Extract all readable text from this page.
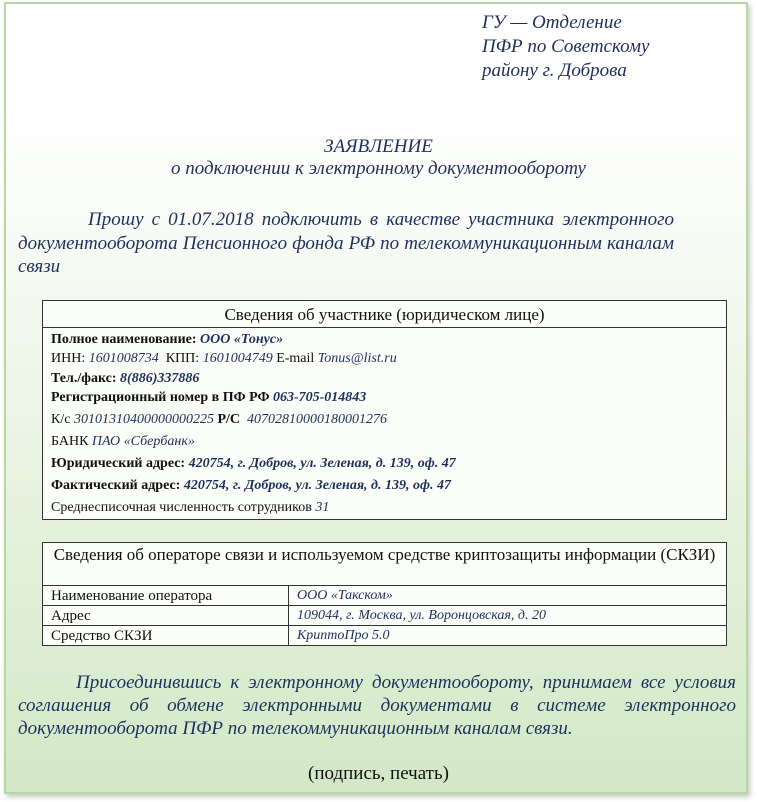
ГУ — Отделение
ПФР по Советскому
району г. Доброва
ЗАЯВЛЕНИЕ
о подключении к электронному документообороту
Прошу с 01.07.2018 подключить в качестве участника электронного документооборота Пенсионного фонда РФ по телекоммуникационным каналам связи
Сведения об участнике (юридическом лице)
Полное наименование: ООО «Тонус»
ИНН: 1601008734 КПП: 1601004749 E-mail Tonus@list.ru
Тел./факс: 8(886)337886
Регистрационный номер в ПФ РФ 063-705-014843
К/с 30101310400000000225 Р/С 40702810000180001276
БАНК ПАО «Сбербанк»
Юридический адрес: 420754, г. Добров, ул. Зеленая, д. 139, оф. 47
Фактический адрес: 420754, г. Добров, ул. Зеленая, д. 139, оф. 47
Среднесписочная численность сотрудников 31
Сведения об операторе связи и используемом средстве криптозащиты информации (СКЗИ)
Наименование оператора	ООО «Такском»
Адрес	109044, г. Москва, ул. Воронцовская, д. 20
Средство СКЗИ	КриптоПро 5.0
Присоединившись к электронному документообороту, принимаем все условия соглашения об обмене электронными документами в системе электронного документооборота ПФР по телекоммуникационным каналам связи.
(подпись, печать)
